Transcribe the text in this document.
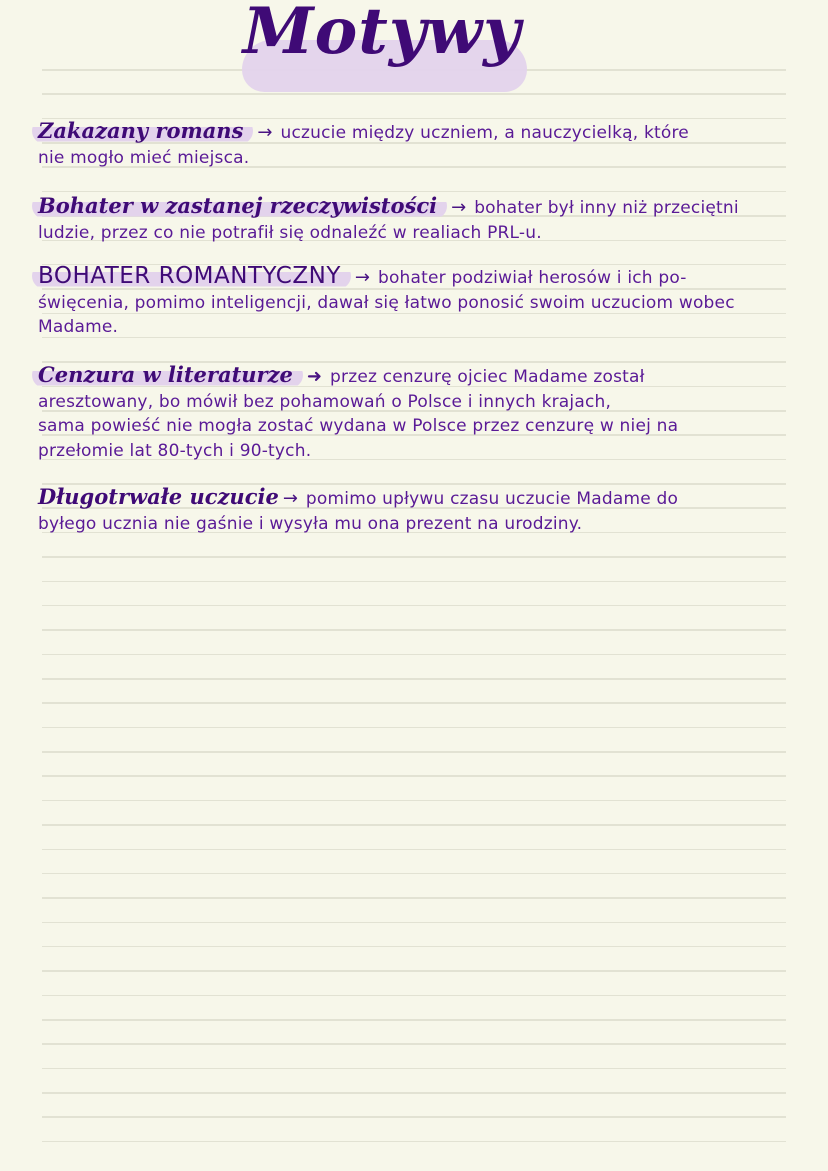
Motywy
Zakazany romans → uczucie między uczniem, a nauczycielką, które
nie mogło mieć miejsca.
Bohater w zastanej rzeczywistości → bohater był inny niż przeciętni
ludzie, przez co nie potrafił się odnaleźć w realiach PRL-u.
BOHATER ROMANTYCZNY → bohater podziwiał herosów i ich po-
święcenia, pomimo inteligencji, dawał się łatwo ponosić swoim uczuciom wobec
Madame.
Cenzura w literaturze ➜ przez cenzurę ojciec Madame został
aresztowany, bo mówił bez pohamowań o Polsce i innych krajach,
sama powieść nie mogła zostać wydana w Polsce przez cenzurę w niej na
przełomie lat 80-tych i 90-tych.
Długotrwałe uczucie → pomimo upływu czasu uczucie Madame do
byłego ucznia nie gaśnie i wysyła mu ona prezent na urodziny.
